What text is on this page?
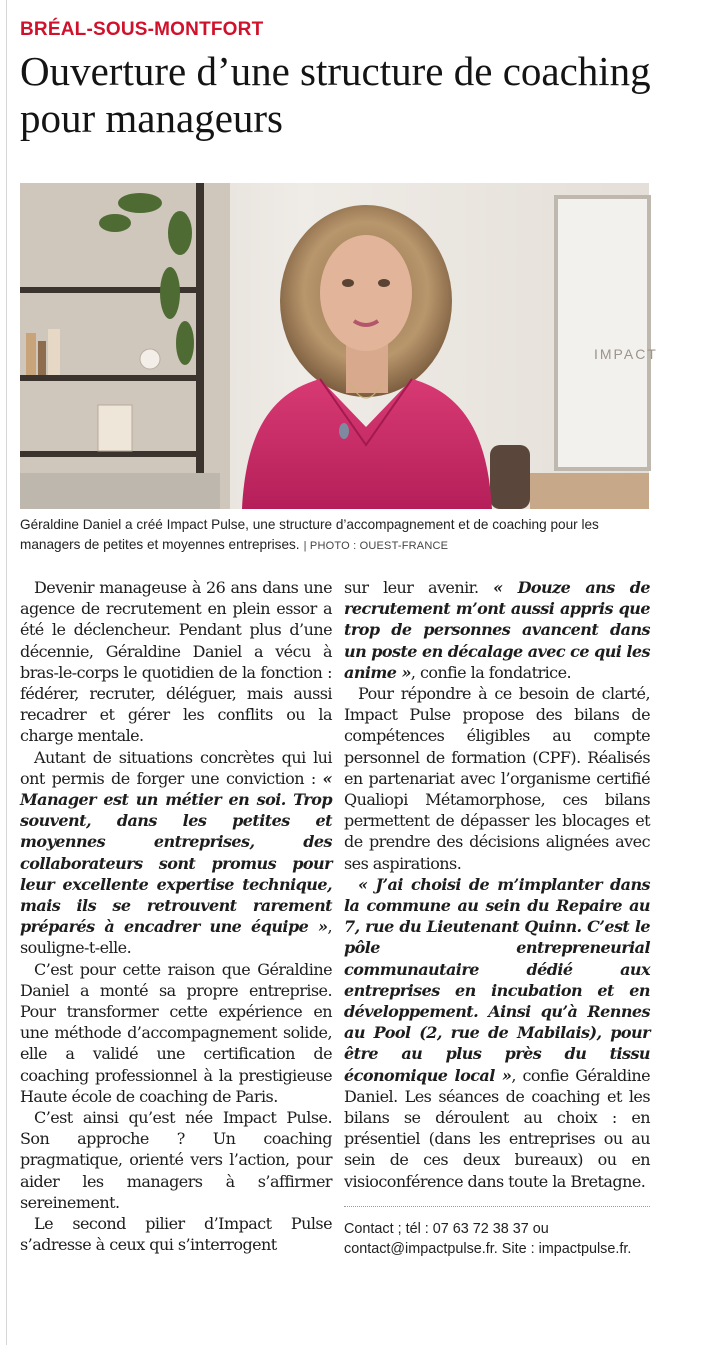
BRÉAL-SOUS-MONTFORT
Ouverture d’une structure de coaching pour manageurs
IMPACT
Géraldine Daniel a créé Impact Pulse, une structure d’accompagnement et de coaching pour les managers de petites et moyennes entreprises. | PHOTO : OUEST-FRANCE

Devenir manageuse à 26 ans dans une agence de recrutement en plein essor a été le déclencheur. Pendant plus d’une décennie, Géraldine Daniel a vécu à bras-le-corps le quotidien de la fonction : fédérer, recruter, déléguer, mais aussi recadrer et gérer les conflits ou la charge mentale.

Autant de situations concrètes qui lui ont permis de forger une conviction : « Manager est un métier en soi. Trop souvent, dans les petites et moyennes entreprises, des collaborateurs sont promus pour leur excellente expertise technique, mais ils se retrouvent rarement préparés à encadrer une équipe », souligne-t-elle.

C’est pour cette raison que Géraldine Daniel a monté sa propre entreprise. Pour transformer cette expérience en une méthode d’accompagnement solide, elle a validé une certification de coaching professionnel à la prestigieuse Haute école de coaching de Paris.

C’est ainsi qu’est née Impact Pulse. Son approche ? Un coaching pragmatique, orienté vers l’action, pour aider les managers à s’affirmer sereinement.

Le second pilier d’Impact Pulse s’adresse à ceux qui s’interrogent

sur leur avenir. « Douze ans de recrutement m’ont aussi appris que trop de personnes avancent dans un poste en décalage avec ce qui les anime », confie la fondatrice.

Pour répondre à ce besoin de clarté, Impact Pulse propose des bilans de compétences éligibles au compte personnel de formation (CPF). Réalisés en partenariat avec l’organisme certifié Qualiopi Métamorphose, ces bilans permettent de dépasser les blocages et de prendre des décisions alignées avec ses aspirations.

« J’ai choisi de m’implanter dans la commune au sein du Repaire au 7, rue du Lieutenant Quinn. C’est le pôle entrepreneurial communautaire dédié aux entreprises en incubation et en développement. Ainsi qu’à Rennes au Pool (2, rue de Mabilais), pour être au plus près du tissu économique local », confie Géraldine Daniel. Les séances de coaching et les bilans se déroulent au choix : en présentiel (dans les entreprises ou au sein de ces deux bureaux) ou en visioconférence dans toute la Bretagne.

Contact ; tél : 07 63 72 38 37 ou contact@impactpulse.fr. Site : impactpulse.fr.
